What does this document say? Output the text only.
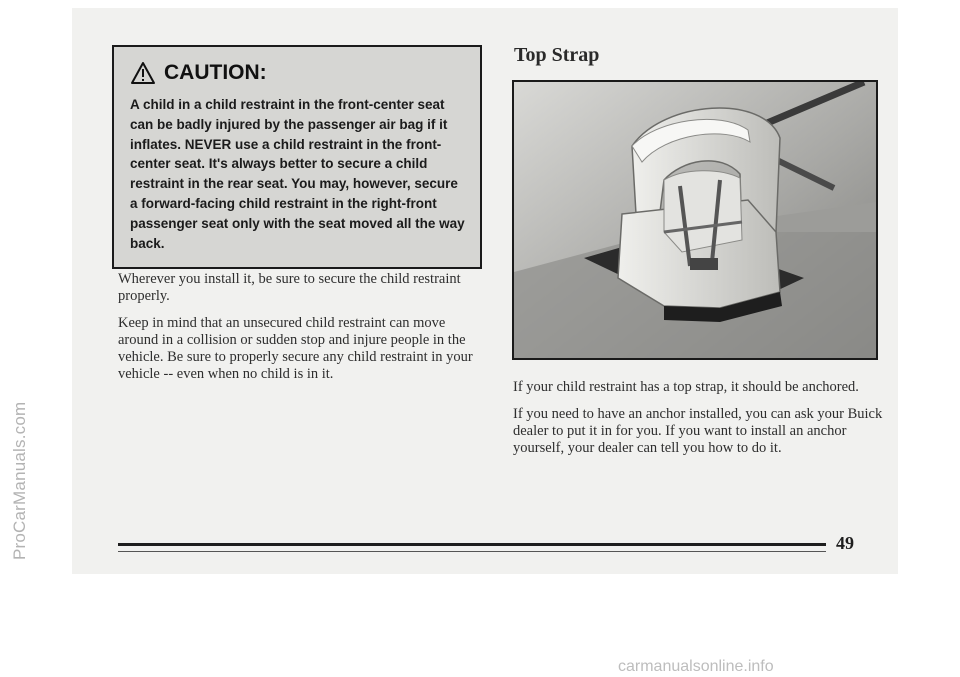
ProCarManuals.com
CAUTION:

A child in a child restraint in the front-center seat can be badly injured by the passenger air bag if it inflates. NEVER use a child restraint in the front-center seat. It's always better to secure a child restraint in the rear seat. You may, however, secure a forward-facing child restraint in the right-front passenger seat only with the seat moved all the way back.

Wherever you install it, be sure to secure the child restraint properly.

Keep in mind that an unsecured child restraint can move around in a collision or sudden stop and injure people in the vehicle. Be sure to properly secure any child restraint in your vehicle -- even when no child is in it.

Top Strap

If your child restraint has a top strap, it should be anchored.

If you need to have an anchor installed, you can ask your Buick dealer to put it in for you. If you want to install an anchor yourself, your dealer can tell you how to do it.

49
carmanualsonline.info
